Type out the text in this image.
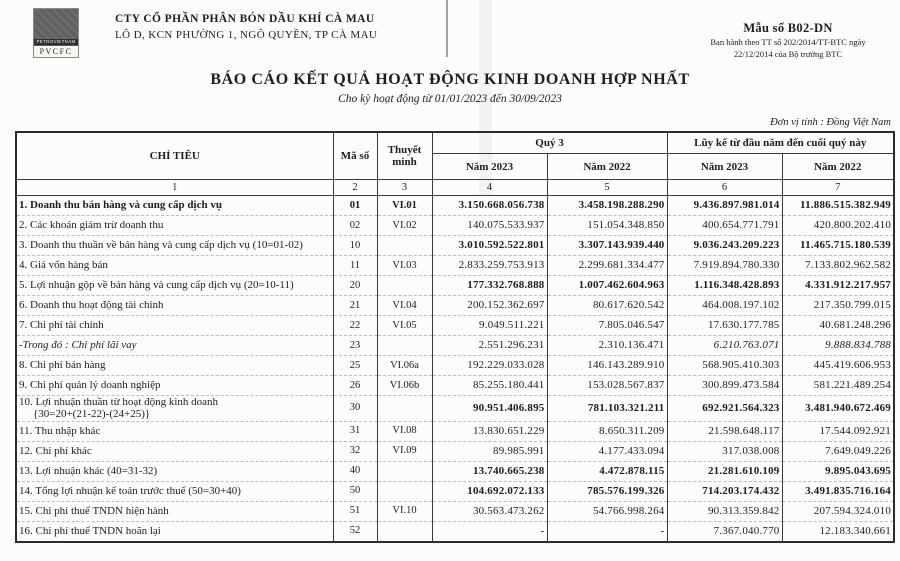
PETROVIETNAM
PVCFC
CTY CỔ PHẦN PHÂN BÓN DẦU KHÍ CÀ MAU
LÔ D, KCN PHƯỜNG 1, NGÔ QUYỀN, TP CÀ MAU	Mẫu số B02-DN
Ban hành theo TT số 202/2014/TT-BTC ngày
22/12/2014 của Bộ trưởng BTC
BÁO CÁO KẾT QUẢ HOẠT ĐỘNG KINH DOANH HỢP NHẤT
Cho kỳ hoạt động từ 01/01/2023 đến 30/09/2023
Đơn vị tính : Đồng Việt Nam
CHỈ TIÊU	Mã số	Thuyết minh	Quý 3		Lũy kế từ đầu năm đến cuối quý này	
			Năm 2023	Năm 2022	Năm 2023	Năm 2022
1	2	3	4	5	6	7

1. Doanh thu bán hàng và cung cấp dịch vụ	01	VI.01	3.150.668.056.738	3.458.198.288.290	9.436.897.981.014	11.886.515.382.949

2. Các khoản giảm trừ doanh thu	02	VI.02	140.075.533.937	151.054.348.850	400.654.771.791	420.800.202.410

3. Doanh thu thuần về bán hàng và cung cấp dịch vụ (10=01-02)	10		3.010.592.522.801	3.307.143.939.440	9.036.243.209.223	11.465.715.180.539

4. Giá vốn hàng bán	11	VI.03	2.833.259.753.913	2.299.681.334.477	7.919.894.780.330	7.133.802.962.582

5. Lợi nhuận gộp về bán hàng và cung cấp dịch vụ (20=10-11)	20		177.332.768.888	1.007.462.604.963	1.116.348.428.893	4.331.912.217.957

6. Doanh thu hoạt động tài chính	21	VI.04	200.152.362.697	80.617.620.542	464.008.197.102	217.350.799.015

7. Chi phí tài chính	22	VI.05	9.049.511.221	7.805.046.547	17.630.177.785	40.681.248.296

-Trong đó : Chi phí lãi vay	23		2.551.296.231	2.310.136.471	6.210.763.071	9.888.834.788

8. Chi phí bán hàng	25	VI.06a	192.229.033.028	146.143.289.910	568.905.410.303	445.419.606.953

9. Chi phí quản lý doanh nghiệp	26	VI.06b	85.255.180.441	153.028.567.837	300.899.473.584	581.221.489.254

10. Lợi nhuận thuần từ hoạt động kinh doanh
{30=20+(21-22)-(24+25)}	30		90.951.406.895	781.103.321.211	692.921.564.323	3.481.940.672.469

11. Thu nhập khác	31	VI.08	13.830.651.229	8.650.311.209	21.598.648.117	17.544.092.921

12. Chi phí khác	32	VI.09	89.985.991	4.177.433.094	317.038.008	7.649.049.226

13. Lợi nhuận khác (40=31-32)	40		13.740.665.238	4.472.878.115	21.281.610.109	9.895.043.695

14. Tổng lợi nhuận kế toán trước thuế (50=30+40)	50		104.692.072.133	785.576.199.326	714.203.174.432	3.491.835.716.164

15. Chi phí thuế TNDN hiện hành	51	VI.10	30.563.473.262	54.766.998.264	90.313.359.842	207.594.324.010

16. Chi phí thuế TNDN hoãn lại	52		-	-	7.367.040.770	12.183.340.661
